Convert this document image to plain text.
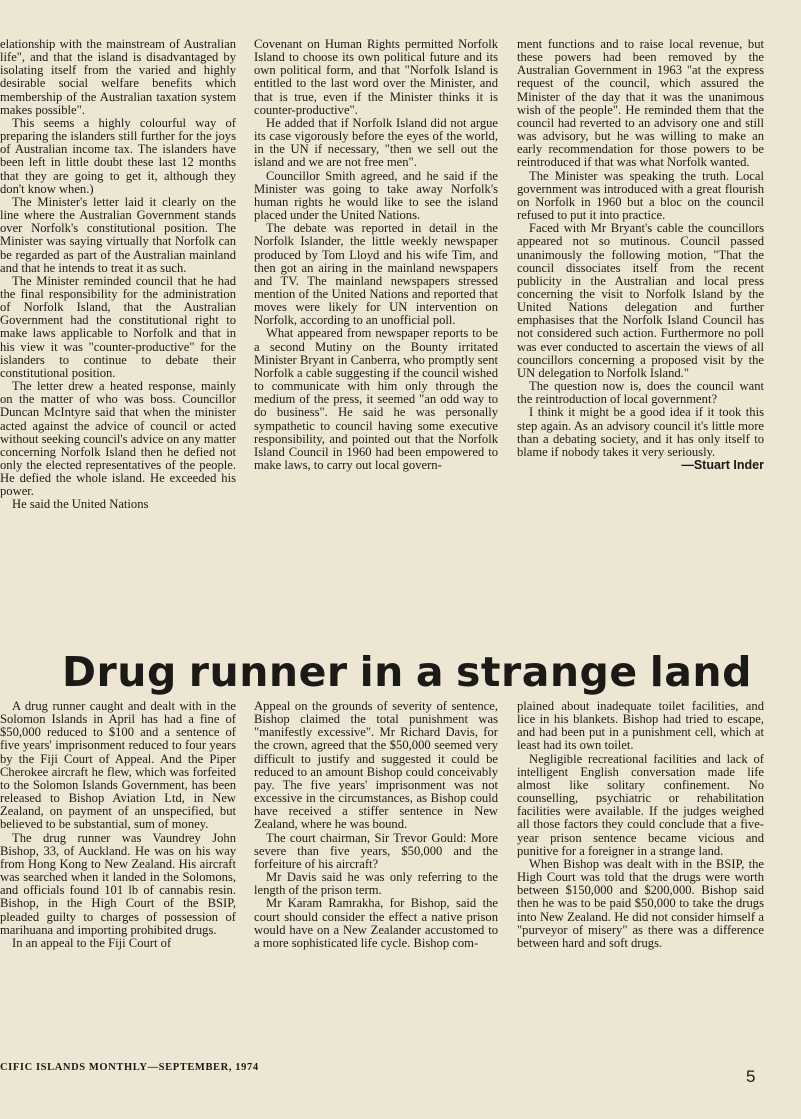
elationship with the mainstream of Australian life", and that the island is disadvantaged by isolating itself from the varied and highly desirable social welfare benefits which membership of the Australian taxation system makes possible".

This seems a highly colourful way of preparing the islanders still further for the joys of Australian income tax. The islanders have been left in little doubt these last 12 months that they are going to get it, although they don't know when.)

The Minister's letter laid it clearly on the line where the Australian Government stands over Norfolk's constitutional position. The Minister was saying virtually that Norfolk can be regarded as part of the Australian mainland and that he intends to treat it as such.

The Minister reminded council that he had the final responsibility for the administration of Norfolk Island, that the Australian Government had the constitutional right to make laws applicable to Norfolk and that in his view it was "counter-productive" for the islanders to continue to debate their constitutional position.

The letter drew a heated response, mainly on the matter of who was boss. Councillor Duncan McIntyre said that when the minister acted against the advice of council or acted without seeking council's advice on any matter concerning Norfolk Island then he defied not only the elected representatives of the people. He defied the whole island. He exceeded his power.

He said the United Nations

Covenant on Human Rights permitted Norfolk Island to choose its own political future and its own political form, and that "Norfolk Island is entitled to the last word over the Minister, and that is true, even if the Minister thinks it is counter-productive".

He added that if Norfolk Island did not argue its case vigorously before the eyes of the world, in the UN if necessary, "then we sell out the island and we are not free men".

Councillor Smith agreed, and he said if the Minister was going to take away Norfolk's human rights he would like to see the island placed under the United Nations.

The debate was reported in detail in the Norfolk Islander, the little weekly newspaper produced by Tom Lloyd and his wife Tim, and then got an airing in the mainland newspapers and TV. The mainland newspapers stressed mention of the United Nations and reported that moves were likely for UN intervention on Norfolk, according to an unofficial poll.

What appeared from newspaper reports to be a second Mutiny on the Bounty irritated Minister Bryant in Canberra, who promptly sent Norfolk a cable suggesting if the council wished to communicate with him only through the medium of the press, it seemed "an odd way to do business". He said he was personally sympathetic to council having some executive responsibility, and pointed out that the Norfolk Island Council in 1960 had been empowered to make laws, to carry out local govern-

ment functions and to raise local revenue, but these powers had been removed by the Australian Government in 1963 "at the express request of the council, which assured the Minister of the day that it was the unanimous wish of the people". He reminded them that the council had reverted to an advisory one and still was advisory, but he was willing to make an early recommendation for those powers to be reintroduced if that was what Norfolk wanted.

The Minister was speaking the truth. Local government was introduced with a great flourish on Norfolk in 1960 but a bloc on the council refused to put it into practice.

Faced with Mr Bryant's cable the councillors appeared not so mutinous. Council passed unanimously the following motion, "That the council dissociates itself from the recent publicity in the Australian and local press concerning the visit to Norfolk Island by the United Nations delegation and further emphasises that the Norfolk Island Council has not considered such action. Furthermore no poll was ever conducted to ascertain the views of all councillors concerning a proposed visit by the UN delegation to Norfolk Island."

The question now is, does the council want the reintroduction of local government?

I think it might be a good idea if it took this step again. As an advisory council it's little more than a debating society, and it has only itself to blame if nobody takes it very seriously.

—Stuart Inder

Drug runner in a strange land

A drug runner caught and dealt with in the Solomon Islands in April has had a fine of $50,000 reduced to $100 and a sentence of five years' imprisonment reduced to four years by the Fiji Court of Appeal. And the Piper Cherokee aircraft he flew, which was forfeited to the Solomon Islands Government, has been released to Bishop Aviation Ltd, in New Zealand, on payment of an unspecified, but believed to be substantial, sum of money.

The drug runner was Vaundrey John Bishop, 33, of Auckland. He was on his way from Hong Kong to New Zealand. His aircraft was searched when it landed in the Solomons, and officials found 101 lb of cannabis resin. Bishop, in the High Court of the BSIP, pleaded guilty to charges of possession of marihuana and importing prohibited drugs.

In an appeal to the Fiji Court of

Appeal on the grounds of severity of sentence, Bishop claimed the total punishment was "manifestly excessive". Mr Richard Davis, for the crown, agreed that the $50,000 seemed very difficult to justify and suggested it could be reduced to an amount Bishop could conceivably pay. The five years' imprisonment was not excessive in the circumstances, as Bishop could have received a stiffer sentence in New Zealand, where he was bound.

The court chairman, Sir Trevor Gould: More severe than five years, $50,000 and the forfeiture of his aircraft?

Mr Davis said he was only referring to the length of the prison term.

Mr Karam Ramrakha, for Bishop, said the court should consider the effect a native prison would have on a New Zealander accustomed to a more sophisticated life cycle. Bishop com-

plained about inadequate toilet facilities, and lice in his blankets. Bishop had tried to escape, and had been put in a punishment cell, which at least had its own toilet.

Negligible recreational facilities and lack of intelligent English conversation made life almost like solitary confinement. No counselling, psychiatric or rehabilitation facilities were available. If the judges weighed all those factors they could conclude that a five-year prison sentence became vicious and punitive for a foreigner in a strange land.

When Bishop was dealt with in the BSIP, the High Court was told that the drugs were worth between $150,000 and $200,000. Bishop said then he was to be paid $50,000 to take the drugs into New Zealand. He did not consider himself a "purveyor of misery" as there was a difference between hard and soft drugs.

CIFIC ISLANDS MONTHLY—SEPTEMBER, 1974	5
